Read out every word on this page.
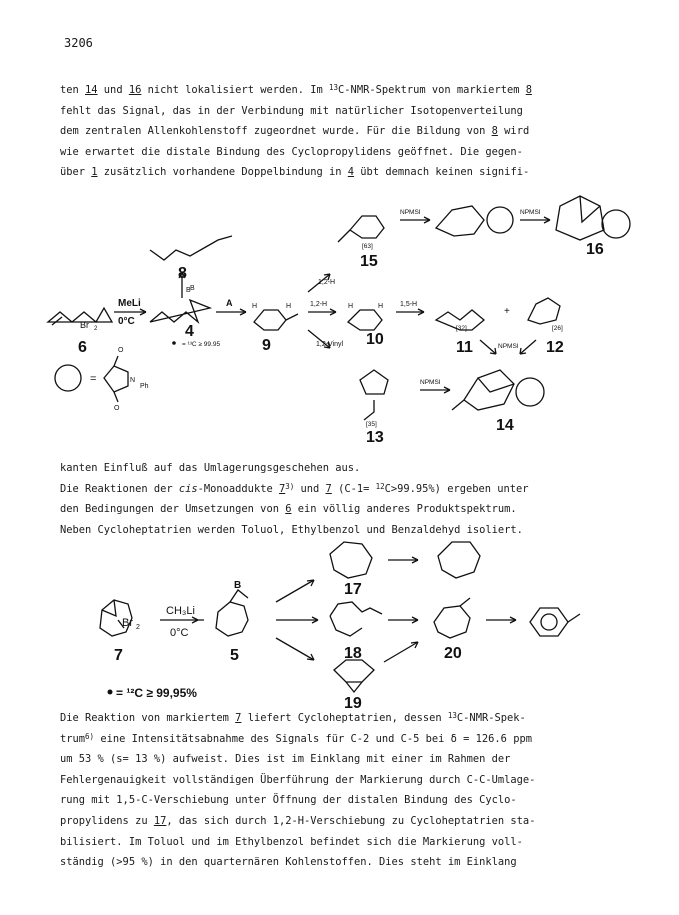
3206
ten 14 und 16 nicht lokalisiert werden. Im $^{13}$C-NMR-Spektrum von markiertem 8
fehlt das Signal, das in der Verbindung mit natürlicher Isotopenverteilung
dem zentralen Allenkohlenstoff zugeordnet wurde. Für die Bildung von 8 wird
wie erwartet die distale Bindung des Cyclopropylidens geöffnet. Die gegen-
über 1 zusätzlich vorhandene Doppelbindung in 4 übt demnach keinen signifi-
kanten Einfluß auf das Umlagerungsgeschehen aus.
Die Reaktionen der cis-Monoaddukte 7$^{3)}$ und 7 (C-1= $^{12}$C>99.95%) ergeben unter
den Bedingungen der Umsetzungen von 6 ein völlig anderes Produktspektrum.
Neben Cycloheptatrien werden Toluol, Ethylbenzol und Benzaldehyd isoliert.
Die Reaktion von markiertem 7 liefert Cycloheptatrien, dessen $^{13}$C-NMR-Spek-
trum$^{6)}$ eine Intensitätsabnahme des Signals für C-2 und C-5 bei δ = 126.6 ppm
um 53 % (s= 13 %) aufweist. Dies ist im Einklang mit einer im Rahmen der
Fehlergenauigkeit vollständigen Überführung der Markierung durch C-C-Umlage-
rung mit 1,5-C-Verschiebung unter Öffnung der distalen Bindung des Cyclo-
propylidens zu 17, das sich durch 1,2-H-Verschiebung zu Cycloheptatrien sta-
bilisiert. Im Toluol und im Ethylbenzol befindet sich die Markierung voll-
ständig (>95 %) in den quarternären Kohlenstoffen. Dies steht im Einklang
Br 2
6
MeLi
0°C
B
4
= ¹³C ≥ 99.95
B
8
A	H	H
9
1,2-H
1,2-H
1,2-Vinyl
H	H
10
1,5-H
[32]
11
+
[26]
12
NPMSI
[63]
15
NPMSI	NPMSI
16
=
O
O
N
Ph
[35]
13
NPMSI
14
Br 2
7
CH₃Li
0°C
B
5
17
18	20
19
= ¹²C ≥ 99,95%
